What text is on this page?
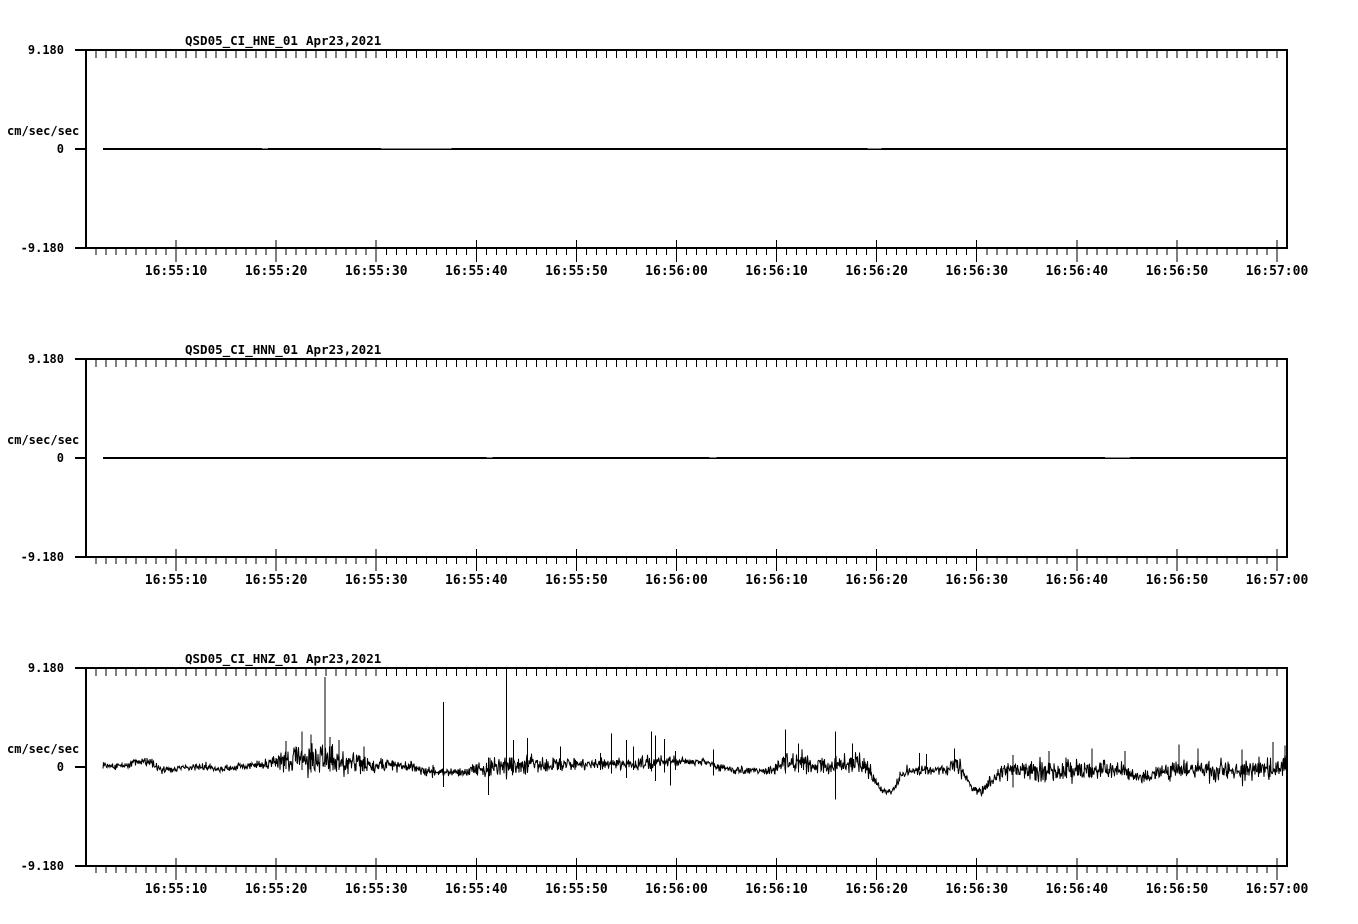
16:55:10	16:55:20	16:55:30	16:55:40	16:55:50	16:56:00	16:56:10	16:56:20	16:56:30	16:56:40	16:56:50	16:57:00
9.180
0
-9.180
cm/sec/sec
QSD05_CI_HNE_01 Apr23,2021
16:55:10	16:55:20	16:55:30	16:55:40	16:55:50	16:56:00	16:56:10	16:56:20	16:56:30	16:56:40	16:56:50	16:57:00
9.180
0
-9.180
cm/sec/sec
QSD05_CI_HNN_01 Apr23,2021
16:55:10	16:55:20	16:55:30	16:55:40	16:55:50	16:56:00	16:56:10	16:56:20	16:56:30	16:56:40	16:56:50	16:57:00
9.180
0
-9.180
cm/sec/sec
QSD05_CI_HNZ_01 Apr23,2021
